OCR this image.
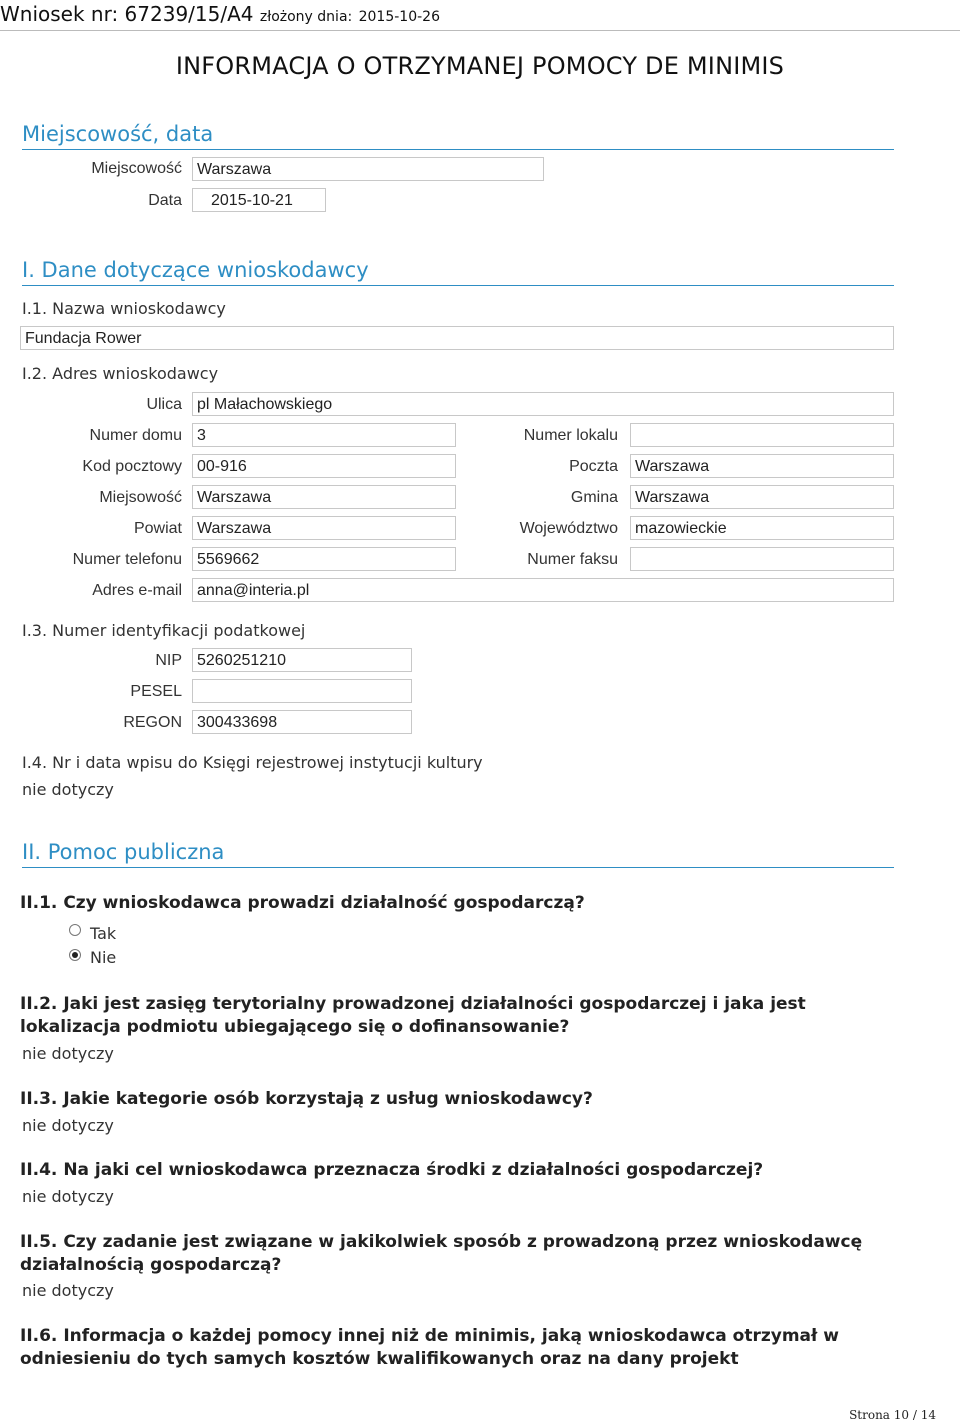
Wniosek nr: 67239/15/A4 złożony dnia: 2015-10-26
INFORMACJA O OTRZYMANEJ POMOCY DE MINIMIS
Miejscowość, data
Miejscowość Warszawa
Data	2015-10-21
I. Dane dotyczące wnioskodawcy
I.1. Nazwa wnioskodawcy
Fundacja Rower
I.2. Adres wnioskodawcy
Ulica pl Małachowskiego
Numer domu 3	Numer lokalu
Kod pocztowy 00-916	Poczta	Warszawa
Miejsowość Warszawa	Gmina	Warszawa
Powiat Warszawa	Województwo	mazowieckie
Numer telefonu 5569662	Numer faksu
Adres e-mail anna@interia.pl
I.3. Numer identyfikacji podatkowej
NIP 5260251210
PESEL
REGON 300433698
I.4. Nr i data wpisu do Księgi rejestrowej instytucji kultury
nie dotyczy
II. Pomoc publiczna
II.1. Czy wnioskodawca prowadzi działalność gospodarczą?
Tak
Nie
II.2. Jaki jest zasięg terytorialny prowadzonej działalności gospodarczej i jaka jest lokalizacja podmiotu ubiegającego się o dofinansowanie?
nie dotyczy
II.3. Jakie kategorie osób korzystają z usług wnioskodawcy?
nie dotyczy
II.4. Na jaki cel wnioskodawca przeznacza środki z działalności gospodarczej?
nie dotyczy
II.5. Czy zadanie jest związane w jakikolwiek sposób z prowadzoną przez wnioskodawcę działalnością gospodarczą?
nie dotyczy
II.6. Informacja o każdej pomocy innej niż de minimis, jaką wnioskodawca otrzymał w odniesieniu do tych samych kosztów kwalifikowanych oraz na dany projekt
Strona 10 / 14
